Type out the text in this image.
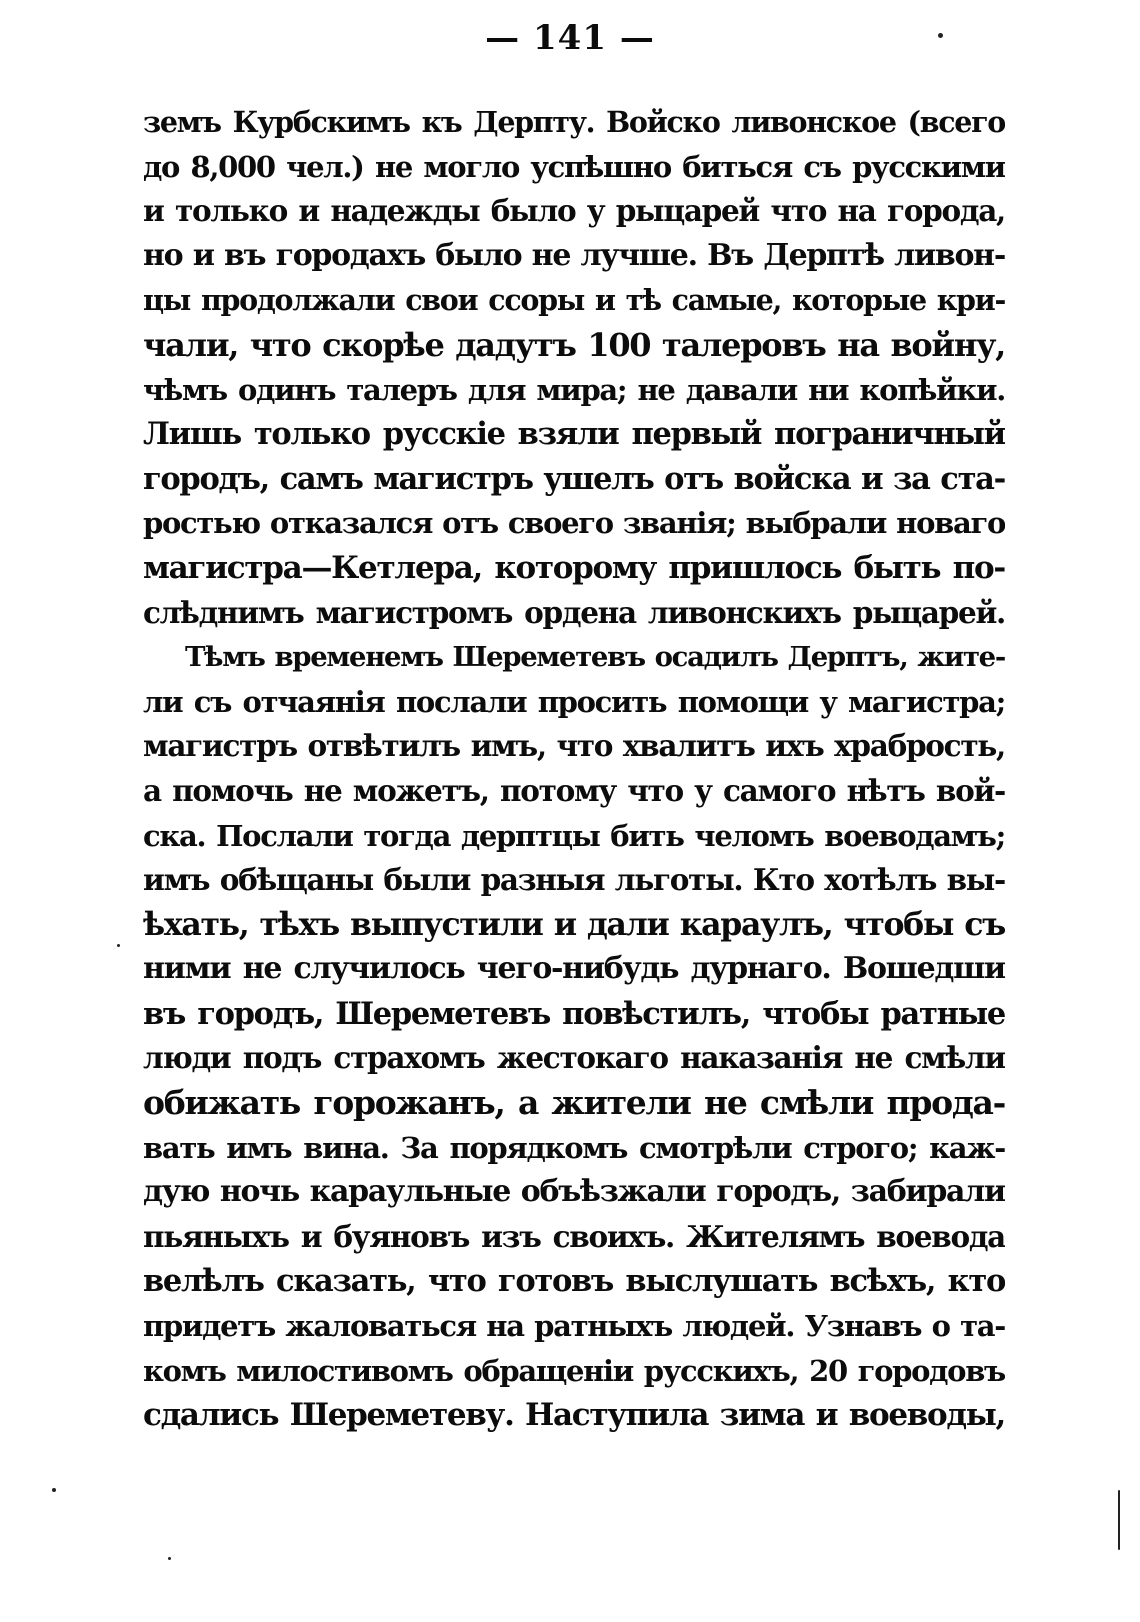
— 141 —
земъ Курбскимъ къ Дерпту. Войско ливонское (всего
до 8,000 чел.) не могло успѣшно биться съ русскими
и только и надежды было у рыцарей что на города,
но и въ городахъ было не лучше. Въ Дерптѣ ливон-
цы продолжали свои ссоры и тѣ самые, которые кри-
чали, что скорѣе дадутъ 100 талеровъ на войну,
чѣмъ одинъ талеръ для мира; не давали ни копѣйки.
Лишь только русскіе взяли первый пограничный
городъ, самъ магистръ ушелъ отъ войска и за ста-
ростью отказался отъ своего званія; выбрали новаго
магистра—Кетлера, которому пришлось быть по-
слѣднимъ магистромъ ордена ливонскихъ рыцарей.
Тѣмъ временемъ Шереметевъ осадилъ Дерптъ, жите-
ли съ отчаянія послали просить помощи у магистра;
магистръ отвѣтилъ имъ, что хвалитъ ихъ храбрость,
а помочь не можетъ, потому что у самого нѣтъ вой-
ска. Послали тогда дерптцы бить челомъ воеводамъ;
имъ обѣщаны были разныя льготы. Кто хотѣлъ вы-
ѣхать, тѣхъ выпустили и дали караулъ, чтобы съ
ними не случилось чего-нибудь дурнаго. Вошедши
въ городъ, Шереметевъ повѣстилъ, чтобы ратные
люди подъ страхомъ жестокаго наказанія не смѣли
обижать горожанъ, а жители не смѣли прода-
вать имъ вина. За порядкомъ смотрѣли строго; каж-
дую ночь караульные объѣзжали городъ, забирали
пьяныхъ и буяновъ изъ своихъ. Жителямъ воевода
велѣлъ сказать, что готовъ выслушать всѣхъ, кто
придетъ жаловаться на ратныхъ людей. Узнавъ о та-
комъ милостивомъ обращеніи русскихъ, 20 городовъ
сдались Шереметеву. Наступила зима и воеводы,
